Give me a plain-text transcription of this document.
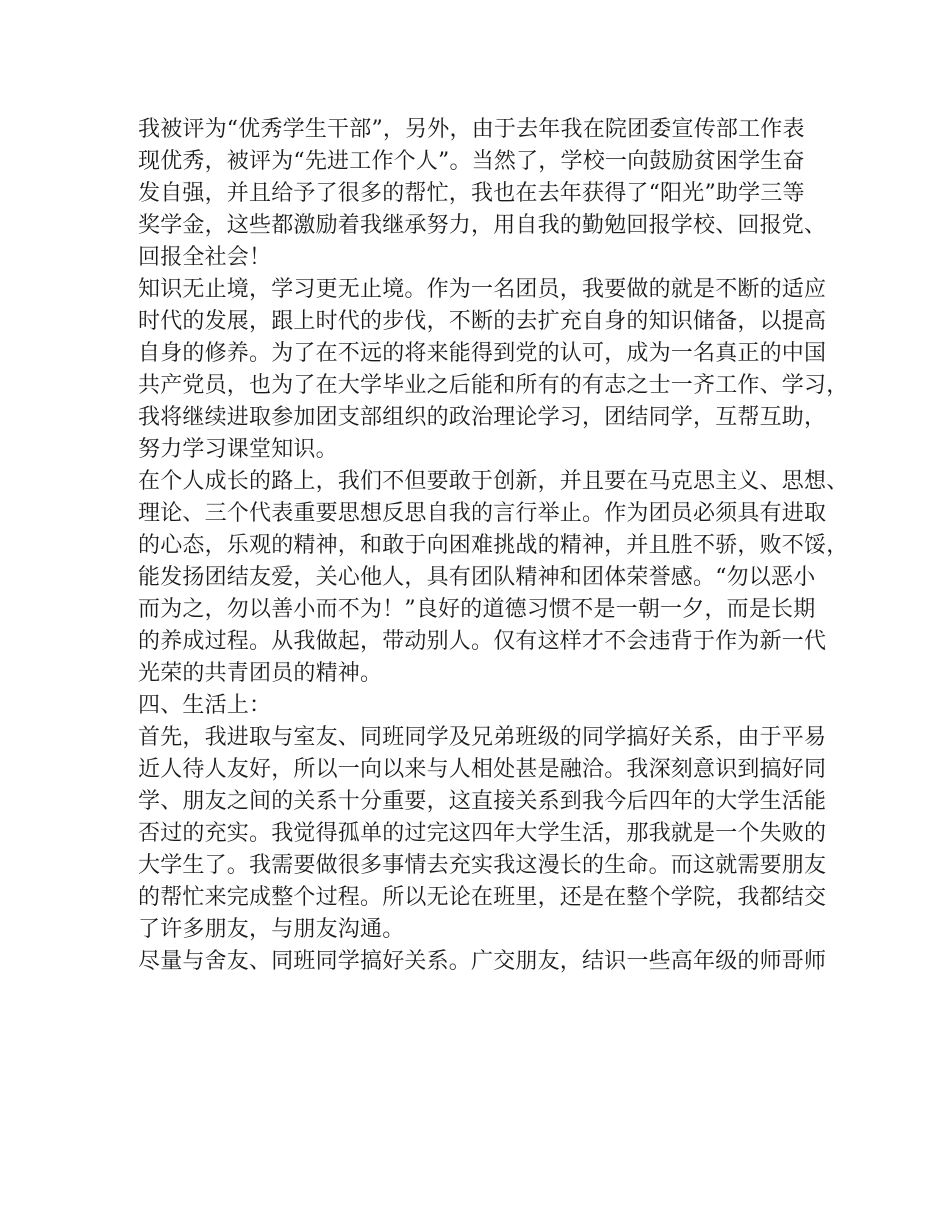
我被评为“优秀学生干部”，另外，由于去年我在院团委宣传部工作表
现优秀，被评为“先进工作个人”。当然了，学校一向鼓励贫困学生奋
发自强，并且给予了很多的帮忙，我也在去年获得了“阳光”助学三等
奖学金，这些都激励着我继承努力，用自我的勤勉回报学校、回报党、
回报全社会！
知识无止境，学习更无止境。作为一名团员，我要做的就是不断的适应
时代的发展，跟上时代的步伐，不断的去扩充自身的知识储备，以提高
自身的修养。为了在不远的将来能得到党的认可，成为一名真正的中国
共产党员，也为了在大学毕业之后能和所有的有志之士一齐工作、学习，
我将继续进取参加团支部组织的政治理论学习，团结同学，互帮互助，
努力学习课堂知识。
在个人成长的路上，我们不但要敢于创新，并且要在马克思主义、思想、
理论、三个代表重要思想反思自我的言行举止。作为团员必须具有进取
的心态，乐观的精神，和敢于向困难挑战的精神，并且胜不骄，败不馁，
能发扬团结友爱，关心他人，具有团队精神和团体荣誉感。“勿以恶小
而为之，勿以善小而不为！”良好的道德习惯不是一朝一夕，而是长期
的养成过程。从我做起，带动别人。仅有这样才不会违背于作为新一代
光荣的共青团员的精神。
四、生活上：
首先，我进取与室友、同班同学及兄弟班级的同学搞好关系，由于平易
近人待人友好，所以一向以来与人相处甚是融洽。我深刻意识到搞好同
学、朋友之间的关系十分重要，这直接关系到我今后四年的大学生活能
否过的充实。我觉得孤单的过完这四年大学生活，那我就是一个失败的
大学生了。我需要做很多事情去充实我这漫长的生命。而这就需要朋友
的帮忙来完成整个过程。所以无论在班里，还是在整个学院，我都结交
了许多朋友，与朋友沟通。
尽量与舍友、同班同学搞好关系。广交朋友，结识一些高年级的师哥师
